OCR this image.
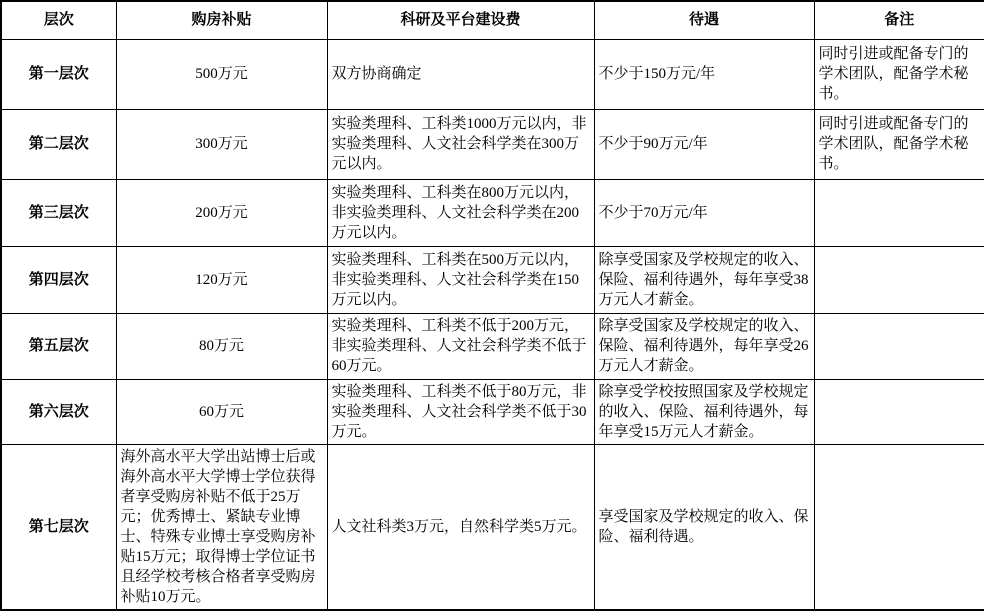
层次	购房补贴	科研及平台建设费	待遇	备注
第一层次	500万元	双方协商确定	不少于150万元/年	同时引进或配备专门的学术团队，配备学术秘书。
第二层次	300万元	实验类理科、工科类1000万元以内，非实验类理科、人文社会科学类在300万元以内。	不少于90万元/年	同时引进或配备专门的学术团队，配备学术秘书。
第三层次	200万元	实验类理科、工科类在800万元以内，非实验类理科、人文社会科学类在200万元以内。	不少于70万元/年	
第四层次	120万元	实验类理科、工科类在500万元以内，非实验类理科、人文社会科学类在150万元以内。	除享受国家及学校规定的收入、保险、福利待遇外，每年享受38万元人才薪金。	
第五层次	80万元	实验类理科、工科类不低于200万元，非实验类理科、人文社会科学类不低于60万元。	除享受国家及学校规定的收入、保险、福利待遇外，每年享受26万元人才薪金。	
第六层次	60万元	实验类理科、工科类不低于80万元，非实验类理科、人文社会科学类不低于30万元。	除享受学校按照国家及学校规定的收入、保险、福利待遇外，每年享受15万元人才薪金。	
第七层次	海外高水平大学出站博士后或海外高水平大学博士学位获得者享受购房补贴不低于25万元；优秀博士、紧缺专业博士、特殊专业博士享受购房补贴15万元；取得博士学位证书且经学校考核合格者享受购房补贴10万元。	人文社科类3万元，自然科学类5万元。	享受国家及学校规定的收入、保险、福利待遇。	
